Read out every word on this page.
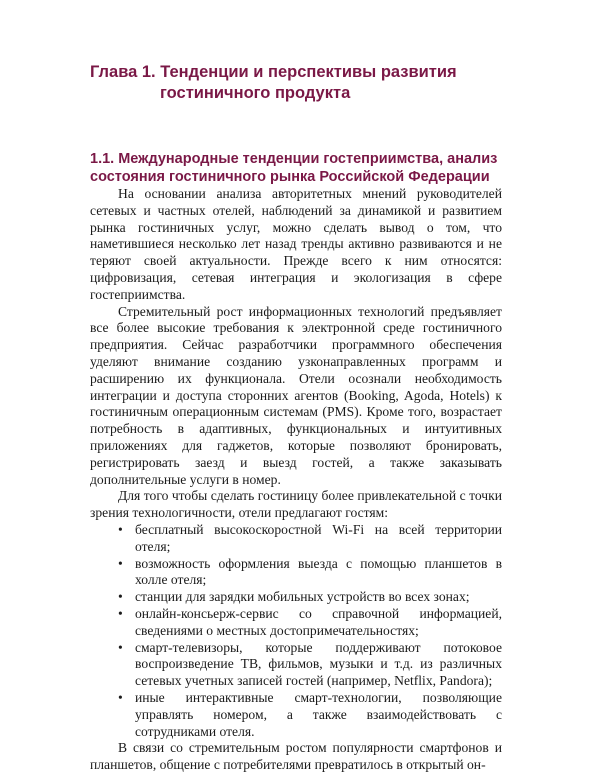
Глава 1. Тенденции и перспективы развития
гостиничного продукта
1.1. Международные тенденции гостеприимства, анализ состояния гостиничного рынка Российской Федерации

На основании анализа авторитетных мнений руководителей сетевых и частных отелей, наблюдений за динамикой и развитием рынка гостиничных услуг, можно сделать вывод о том, что наметившиеся несколько лет назад тренды активно развиваются и не теряют своей актуальности. Прежде всего к ним относятся: цифровизация, сетевая интеграция и экологизация в сфере гостеприимства.

Стремительный рост информационных технологий предъявляет все более высокие требования к электронной среде гостиничного предприятия. Сейчас разработчики программного обеспечения уделяют внимание созданию узконаправленных программ и расширению их функционала. Отели осознали необходимость интеграции и доступа сторонних агентов (Booking, Agoda, Hotels) к гостиничным операционным системам (PMS). Кроме того, возрастает потребность в адаптивных, функциональных и интуитивных приложениях для гаджетов, которые позволяют бронировать, регистрировать заезд и выезд гостей, а также заказывать дополнительные услуги в номер.

Для того чтобы сделать гостиницу более привлекательной с точки зрения технологичности, отели предлагают гостям:

• бесплатный высокоскоростной Wi-Fi на всей территории отеля;
• возможность оформления выезда с помощью планшетов в холле отеля;
• станции для зарядки мобильных устройств во всех зонах;
• онлайн-консьерж-сервис со справочной информацией, сведениями о местных достопримечательностях;
• смарт-телевизоры, которые поддерживают потоковое воспроизведение ТВ, фильмов, музыки и т.д. из различных сетевых учетных записей гостей (например, Netflix, Pandora);
• иные интерактивные смарт-технологии, позволяющие управлять номером, а также взаимодействовать с сотрудниками отеля.

В связи со стремительным ростом популярности смартфонов и планшетов, общение с потребителями превратилось в открытый он-
